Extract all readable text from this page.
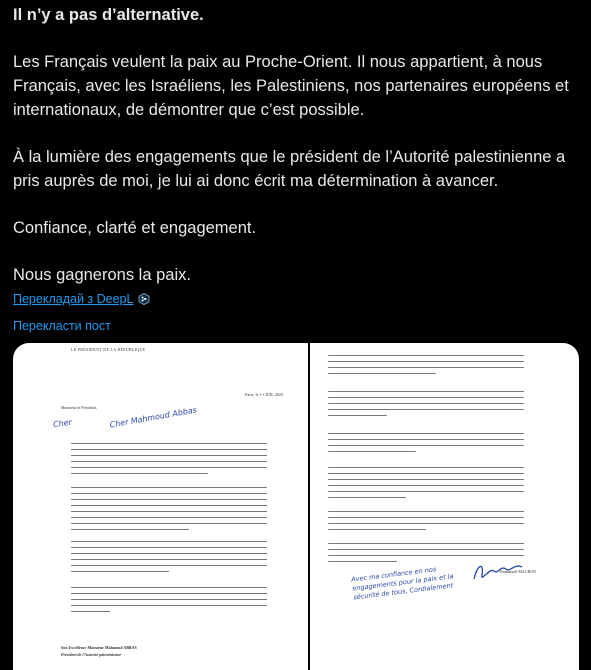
Il n’y a pas d’alternative.

Les Français veulent la paix au Proche-Orient. Il nous appartient, à nous Français, avec les Israéliens, les Palestiniens, nos partenaires européens et internationaux, de démontrer que c’est possible.

À la lumière des engagements que le président de l’Autorité palestinienne a pris auprès de moi, je lui ai donc écrit ma détermination à avancer.

Confiance, clarté et engagement.

Nous gagnerons la paix.

Перекладай з DeepL
Перекласти пост
LE PRÉSIDENT DE LA RÉPUBLIQUE
Paris, le 1 • JUIL 2025
Monsieur le Président,
Cher	Cher Mahmoud Abbas
Son Excellence Monsieur Mahmoud ABBAS
Président de l'Autorité palestinienne
Emmanuel MACRON
Avec ma confiance en nos engagements pour la paix et la sécurité de tous, Cordialement
